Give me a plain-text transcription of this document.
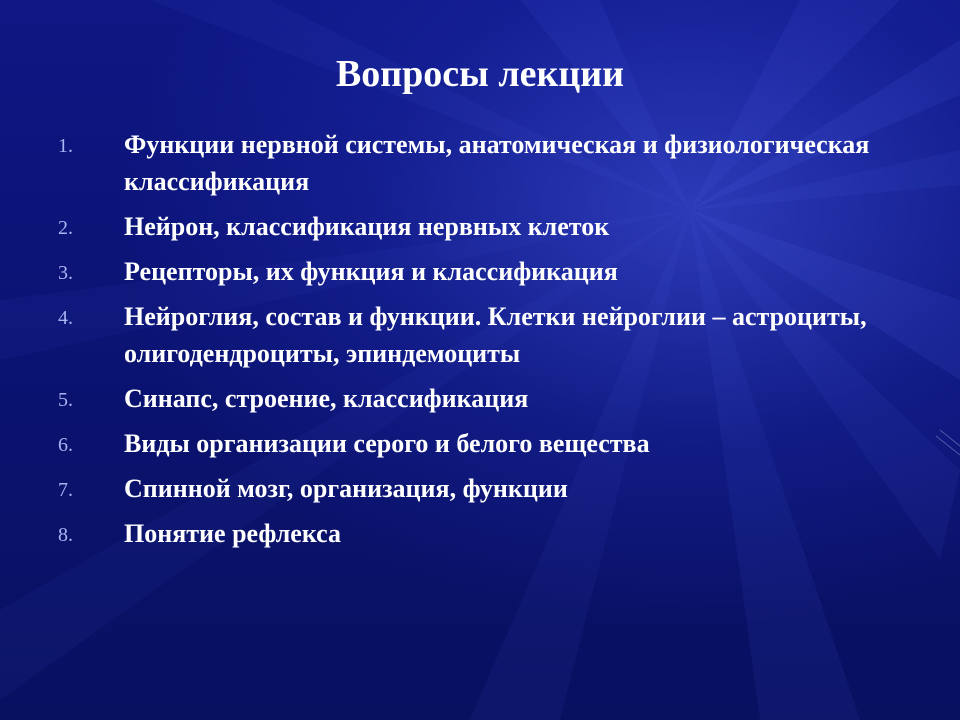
Вопросы лекции
1. Функции нервной системы, анатомическая и физиологическая классификация
2. Нейрон, классификация нервных клеток
3. Рецепторы, их функция и классификация
4. Нейроглия, состав и функции. Клетки нейроглии – астроциты, олигодендроциты, эпиндемоциты
5. Синапс, строение, классификация
6. Виды организации серого и белого вещества
7. Спинной мозг, организация, функции
8. Понятие рефлекса
